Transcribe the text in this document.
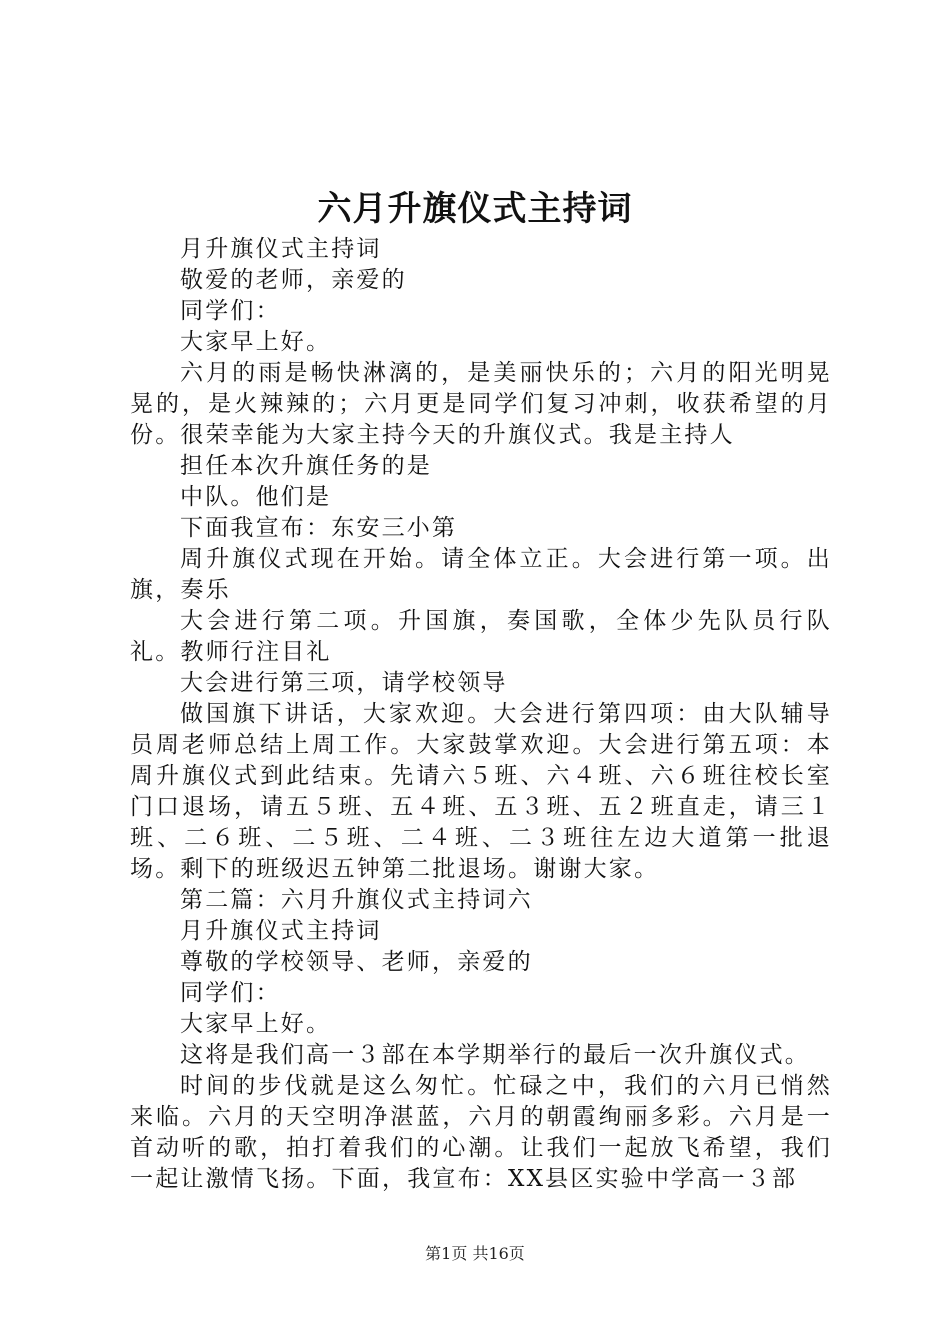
六月升旗仪式主持词

月升旗仪式主持词

敬爱的老师，亲爱的

同学们：

大家早上好。

六月的雨是畅快淋漓的，是美丽快乐的；六月的阳光明晃晃的，是火辣辣的；六月更是同学们复习冲刺，收获希望的月份。很荣幸能为大家主持今天的升旗仪式。我是主持人

担任本次升旗任务的是

中队。他们是

下面我宣布：东安三小第

周升旗仪式现在开始。请全体立正。大会进行第一项。出旗，奏乐

大会进行第二项。升国旗，奏国歌，全体少先队员行队礼。教师行注目礼

大会进行第三项，请学校领导

做国旗下讲话，大家欢迎。大会进行第四项：由大队辅导员周老师总结上周工作。大家鼓掌欢迎。大会进行第五项：本周升旗仪式到此结束。先请六５班、六４班、六６班往校长室门口退场，请五５班、五４班、五３班、五２班直走，请三１班、二６班、二５班、二４班、二３班往左边大道第一批退场。剩下的班级迟五钟第二批退场。谢谢大家。

第二篇：六月升旗仪式主持词六

月升旗仪式主持词

尊敬的学校领导、老师，亲爱的

同学们：

大家早上好。

这将是我们高一３部在本学期举行的最后一次升旗仪式。

时间的步伐就是这么匆忙。忙碌之中，我们的六月已悄然来临。六月的天空明净湛蓝，六月的朝霞绚丽多彩。六月是一首动听的歌，拍打着我们的心潮。让我们一起放飞希望，我们一起让激情飞扬。下面，我宣布：XX县区实验中学高一３部

第1页 共16页
